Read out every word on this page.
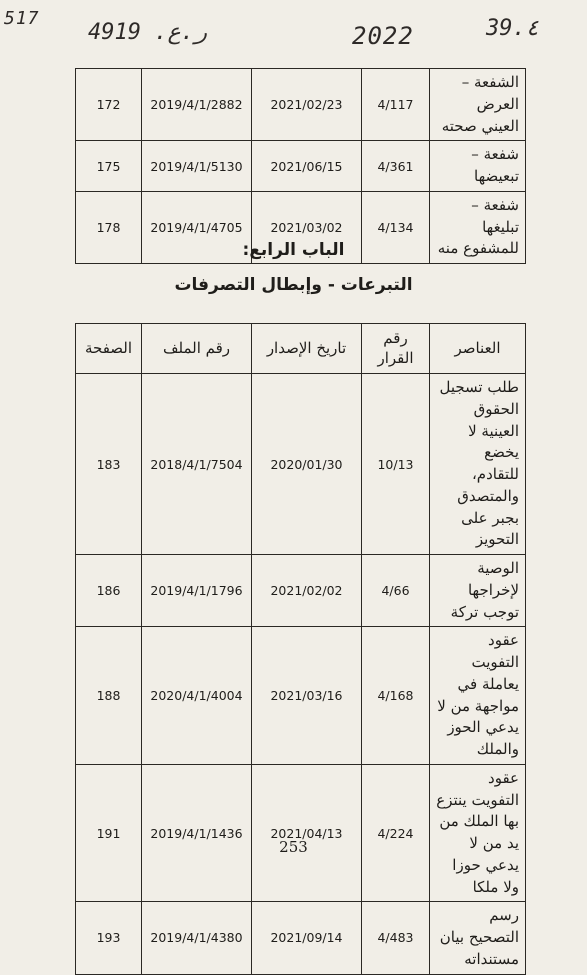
517
ر.ع. 4919	2022	39.٤
الشفعة – العرض العيني صحته	4/117	2021/02/23	2019/4/1/2882	172
شفعة – تبعيضها	4/361	2021/06/15	2019/4/1/5130	175
شفعة – تبليغها للمشفوع منه	4/134	2021/03/02	2019/4/1/4705	178
الباب الرابع:
التبرعات - وإبطال التصرفات
العناصر	رقم القرار	تاريخ الإصدار	رقم الملف	الصفحة
طلب تسجيل الحقوق العينية لا يخضع للتقادم، والمتصدق بجبر على التحويز	10/13	2020/01/30	2018/4/1/7504	183
الوصية لإخراجها توجب تركة	4/66	2021/02/02	2019/4/1/1796	186
عقود التفويت يعاملة في مواجهة من لا يدعي الحوز والملك	4/168	2021/03/16	2020/4/1/4004	188
عقود التفويت ينتزع بها الملك من يد من لا يدعي حوزا ولا ملكا	4/224	2021/04/13	2019/4/1/1436	191
رسم التصحيح بيان مستنداته	4/483	2021/09/14	2019/4/1/4380	193
253
